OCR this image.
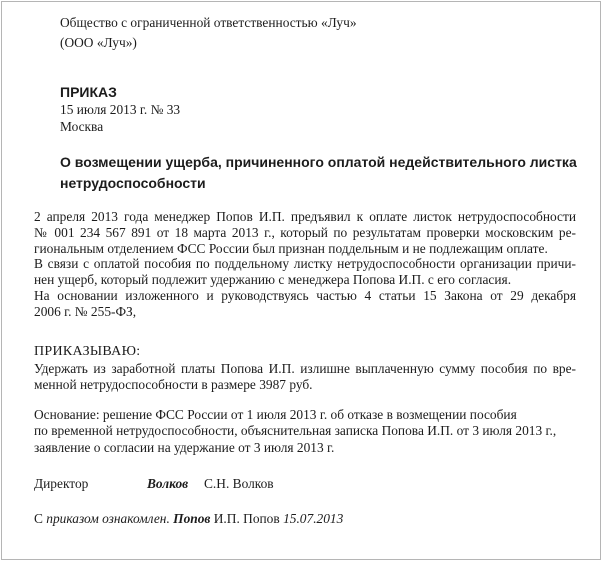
Общество с ограниченной ответственностью «Луч»
(ООО «Луч»)
ПРИКАЗ
15 июля 2013 г. № 33
Москва
О возмещении ущерба, причиненного оплатой недействительного листка
нетрудоспособности
2 апреля 2013 года менеджер Попов И.П. предъявил к оплате листок нетрудоспособности
№ 001 234 567 891 от 18 марта 2013 г., который по результатам проверки московским ре-
гиональным отделением ФСС России был признан поддельным и не подлежащим оплате.
В связи с оплатой пособия по поддельному листку нетрудоспособности организации причи-
нен ущерб, который подлежит удержанию с менеджера Попова И.П. с его согласия.
На основании изложенного и руководствуясь частью 4 статьи 15 Закона от 29 декабря
2006 г. № 255-ФЗ,
ПРИКАЗЫВАЮ:
Удержать из заработной платы Попова И.П. излишне выплаченную сумму пособия по вре-
менной нетрудоспособности в размере 3987 руб.
Основание: решение ФСС России от 1 июля 2013 г. об отказе в возмещении пособия
по временной нетрудоспособности, объяснительная записка Попова И.П. от 3 июля 2013 г.,
заявление о согласии на удержание от 3 июля 2013 г.
Директор	Волков С.Н. Волков
С приказом ознакомлен. Попов И.П. Попов 15.07.2013
